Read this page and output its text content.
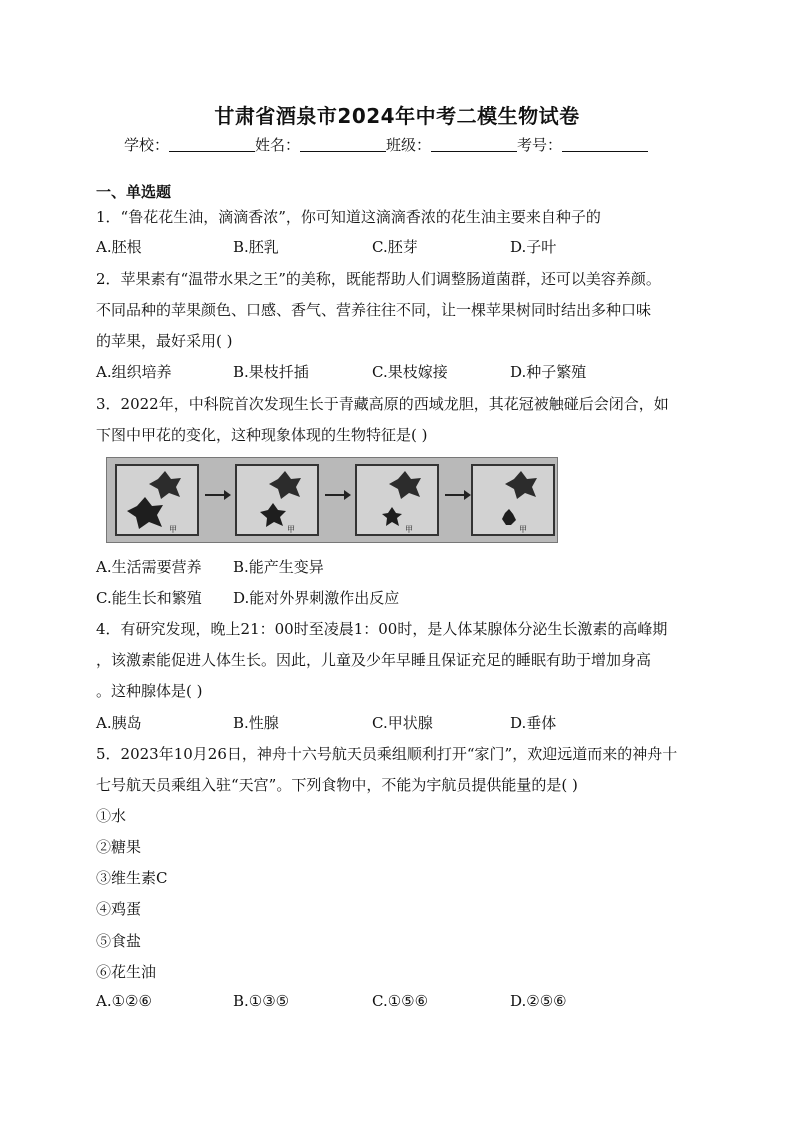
甘肃省酒泉市2024年中考二模生物试卷
学校：	姓名：	班级：	考号：
一、单选题
1．“鲁花花生油，滴滴香浓”，你可知道这滴滴香浓的花生油主要来自种子的
A.胚根	B.胚乳	C.胚芽	D.子叶
2．苹果素有“温带水果之王”的美称，既能帮助人们调整肠道菌群，还可以美容养颜。
不同品种的苹果颜色、口感、香气、营养往往不同，让一棵苹果树同时结出多种口味
的苹果，最好采用( )
A.组织培养	B.果枝扦插	C.果枝嫁接	D.种子繁殖
3．2022年，中科院首次发现生长于青藏高原的西域龙胆，其花冠被触碰后会闭合，如
下图中甲花的变化，这种现象体现的生物特征是( )
甲	甲	甲	甲
A.生活需要营养 B.能产生变异
C.能生长和繁殖 D.能对外界刺激作出反应
4．有研究发现，晚上21：00时至凌晨1：00时，是人体某腺体分泌生长激素的高峰期
，该激素能促进人体生长。因此，儿童及少年早睡且保证充足的睡眠有助于增加身高
。这种腺体是( )
A.胰岛	B.性腺	C.甲状腺	D.垂体
5．2023年10月26日，神舟十六号航天员乘组顺利打开“家门”，欢迎远道而来的神舟十
七号航天员乘组入驻“天宫”。下列食物中，不能为宇航员提供能量的是( )
①水
②糖果
③维生素C
④鸡蛋
⑤食盐
⑥花生油
A.①②⑥	B.①③⑤	C.①⑤⑥	D.②⑤⑥
